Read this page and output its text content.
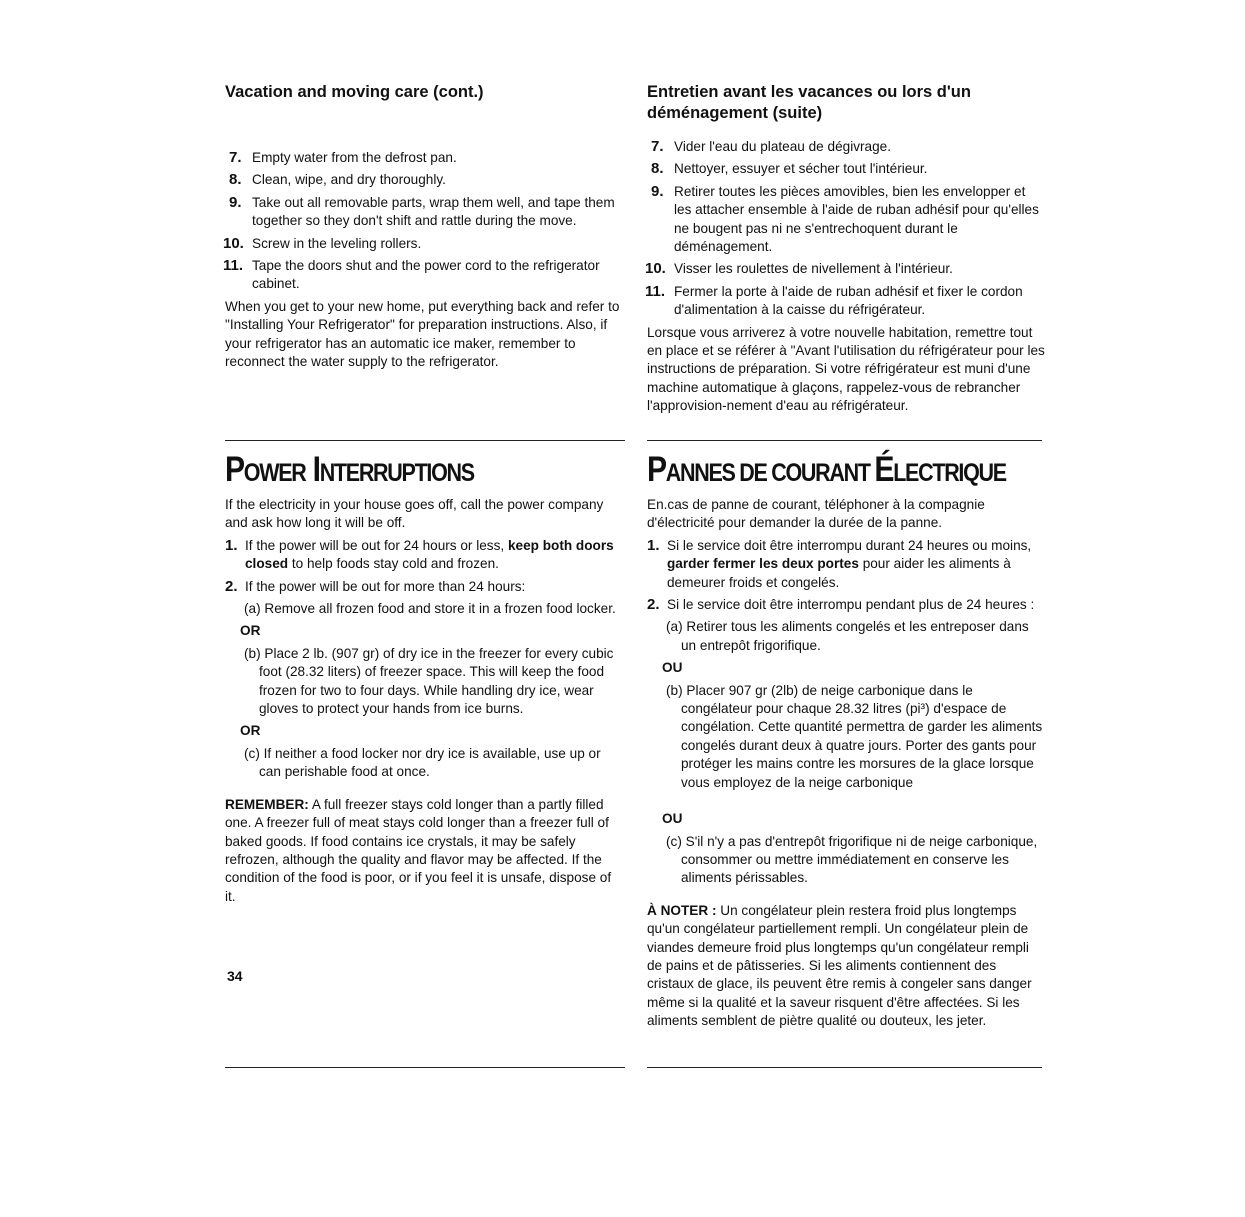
Vacation and moving care (cont.)
7. Empty water from the defrost pan.
8. Clean, wipe, and dry thoroughly.
9. Take out all removable parts, wrap them well, and tape them together so they don't shift and rattle during the move.
10. Screw in the leveling rollers.
11. Tape the doors shut and the power cord to the refrigerator cabinet.

When you get to your new home, put everything back and refer to "Installing Your Refrigerator" for preparation instructions. Also, if your refrigerator has an automatic ice maker, remember to reconnect the water supply to the refrigerator.

Entretien avant les vacances ou lors d'un déménagement (suite)
7. Vider l'eau du plateau de dégivrage.
8. Nettoyer, essuyer et sécher tout l'intérieur.
9. Retirer toutes les pièces amovibles, bien les envelopper et les attacher ensemble à l'aide de ruban adhésif pour qu'elles ne bougent pas ni ne s'entrechoquent durant le déménagement.
10. Visser les roulettes de nivellement à l'intérieur.
11. Fermer la porte à l'aide de ruban adhésif et fixer le cordon d'alimentation à la caisse du réfrigérateur.

Lorsque vous arriverez à votre nouvelle habitation, remettre tout en place et se référer à "Avant l'utilisation du réfrigérateur pour les instructions de préparation. Si votre réfrigérateur est muni d'une machine automatique à glaçons, rappelez-vous de rebrancher l'approvision-nement d'eau au réfrigérateur.

POWER INTERRUPTIONS	PANNES DE COURANT ÉLECTRIQUE

If the electricity in your house goes off, call the power company and ask how long it will be off.

1. If the power will be out for 24 hours or less, keep both doors closed to help foods stay cold and frozen.
2. If the power will be out for more than 24 hours:

(a) Remove all frozen food and store it in a frozen food locker.

OR

(b) Place 2 lb. (907 gr) of dry ice in the freezer for every cubic foot (28.32 liters) of freezer space. This will keep the food frozen for two to four days. While handling dry ice, wear gloves to protect your hands from ice burns.

OR

(c) If neither a food locker nor dry ice is available, use up or can perishable food at once.

REMEMBER: A full freezer stays cold longer than a partly filled one. A freezer full of meat stays cold longer than a freezer full of baked goods. If food contains ice crystals, it may be safely refrozen, although the quality and flavor may be affected. If the condition of the food is poor, or if you feel it is unsafe, dispose of it.

En.cas de panne de courant, téléphoner à la compagnie d'électricité pour demander la durée de la panne.

1. Si le service doit être interrompu durant 24 heures ou moins, garder fermer les deux portes pour aider les aliments à demeurer froids et congelés.
2. Si le service doit être interrompu pendant plus de 24 heures :

(a) Retirer tous les aliments congelés et les entreposer dans un entrepôt frigorifique.

OU

(b) Placer 907 gr (2lb) de neige carbonique dans le congélateur pour chaque 28.32 litres (pi³) d'espace de congélation. Cette quantité permettra de garder les aliments congelés durant deux à quatre jours. Porter des gants pour protéger les mains contre les morsures de la glace lorsque vous employez de la neige carbonique

OU

(c) S'il n'y a pas d'entrepôt frigorifique ni de neige carbonique, consommer ou mettre immédiatement en conserve les aliments périssables.

À NOTER : Un congélateur plein restera froid plus longtemps qu'un congélateur partiellement rempli. Un congélateur plein de viandes demeure froid plus longtemps qu'un congélateur rempli de pains et de pâtisseries. Si les aliments contiennent des cristaux de glace, ils peuvent être remis à congeler sans danger même si la qualité et la saveur risquent d'être affectées. Si les aliments semblent de piètre qualité ou douteux, les jeter.

34
